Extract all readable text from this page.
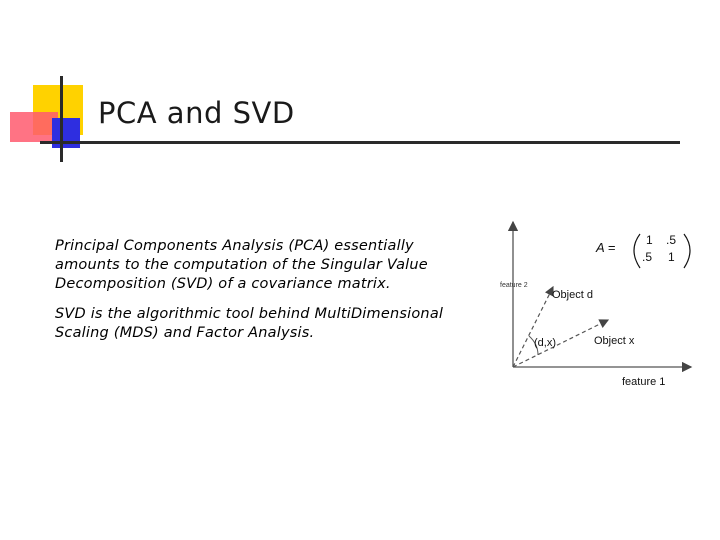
PCA and SVD
Principal Components Analysis (PCA) essentially amounts to the computation of the Singular Value Decomposition (SVD) of a covariance matrix.
SVD is the algorithmic tool behind MultiDimensional Scaling (MDS) and Factor Analysis.
A =	1 .5
.5 1
feature 2
Object d
Object x
(d,x)
feature 1
